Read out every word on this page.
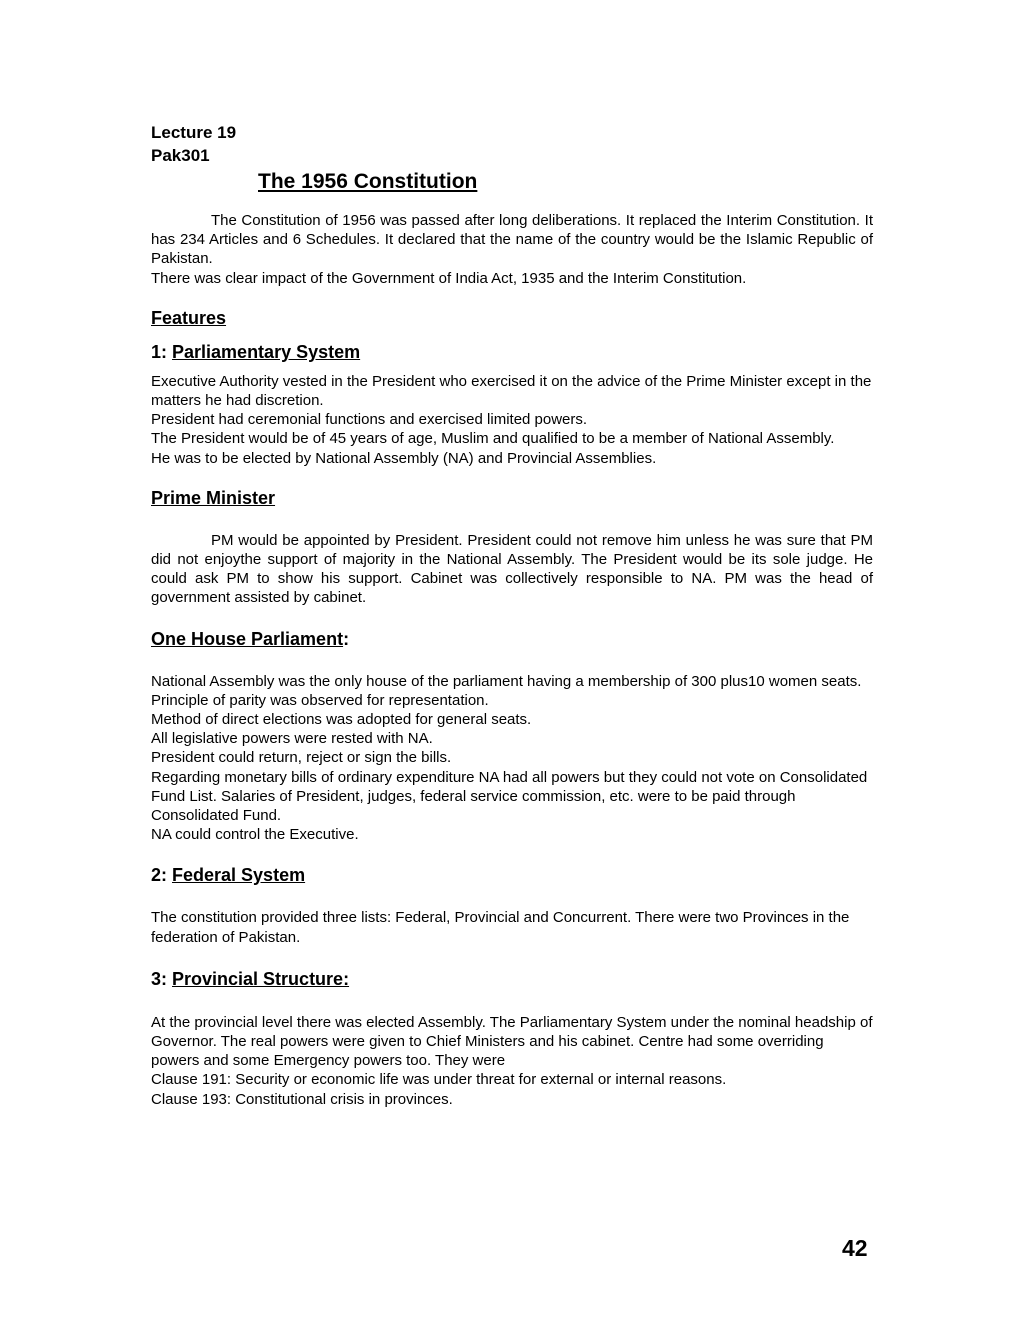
Lecture 19

Pak301

The 1956 Constitution

The Constitution of 1956 was passed after long deliberations. It replaced the Interim Constitution. It has 234 Articles and 6 Schedules. It declared that the name of the country would be the Islamic Republic of Pakistan.

There was clear impact of the Government of India Act, 1935 and the Interim Constitution.

Features

1: Parliamentary System

Executive Authority vested in the President who exercised it on the advice of the Prime Minister except in the matters he had discretion.

President had ceremonial functions and exercised limited powers.

The President would be of 45 years of age, Muslim and qualified to be a member of National Assembly.

He was to be elected by National Assembly (NA) and Provincial Assemblies.

Prime Minister

PM would be appointed by President. President could not remove him unless he was sure that PM did not enjoythe support of majority in the National Assembly. The President would be its sole judge. He could ask PM to show his support. Cabinet was collectively responsible to NA. PM was the head of government assisted by cabinet.

One House Parliament:

National Assembly was the only house of the parliament having a membership of 300 plus10 women seats. Principle of parity was observed for representation.

Method of direct elections was adopted for general seats.

All legislative powers were rested with NA.

President could return, reject or sign the bills.

Regarding monetary bills of ordinary expenditure NA had all powers but they could not vote on Consolidated Fund List. Salaries of President, judges, federal service commission, etc. were to be paid through Consolidated Fund.

NA could control the Executive.

2: Federal System

The constitution provided three lists: Federal, Provincial and Concurrent. There were two Provinces in the federation of Pakistan.

3: Provincial Structure:

At the provincial level there was elected Assembly. The Parliamentary System under the nominal headship of Governor. The real powers were given to Chief Ministers and his cabinet. Centre had some overriding powers and some Emergency powers too. They were

Clause 191: Security or economic life was under threat for external or internal reasons.

Clause 193: Constitutional crisis in provinces.

42
